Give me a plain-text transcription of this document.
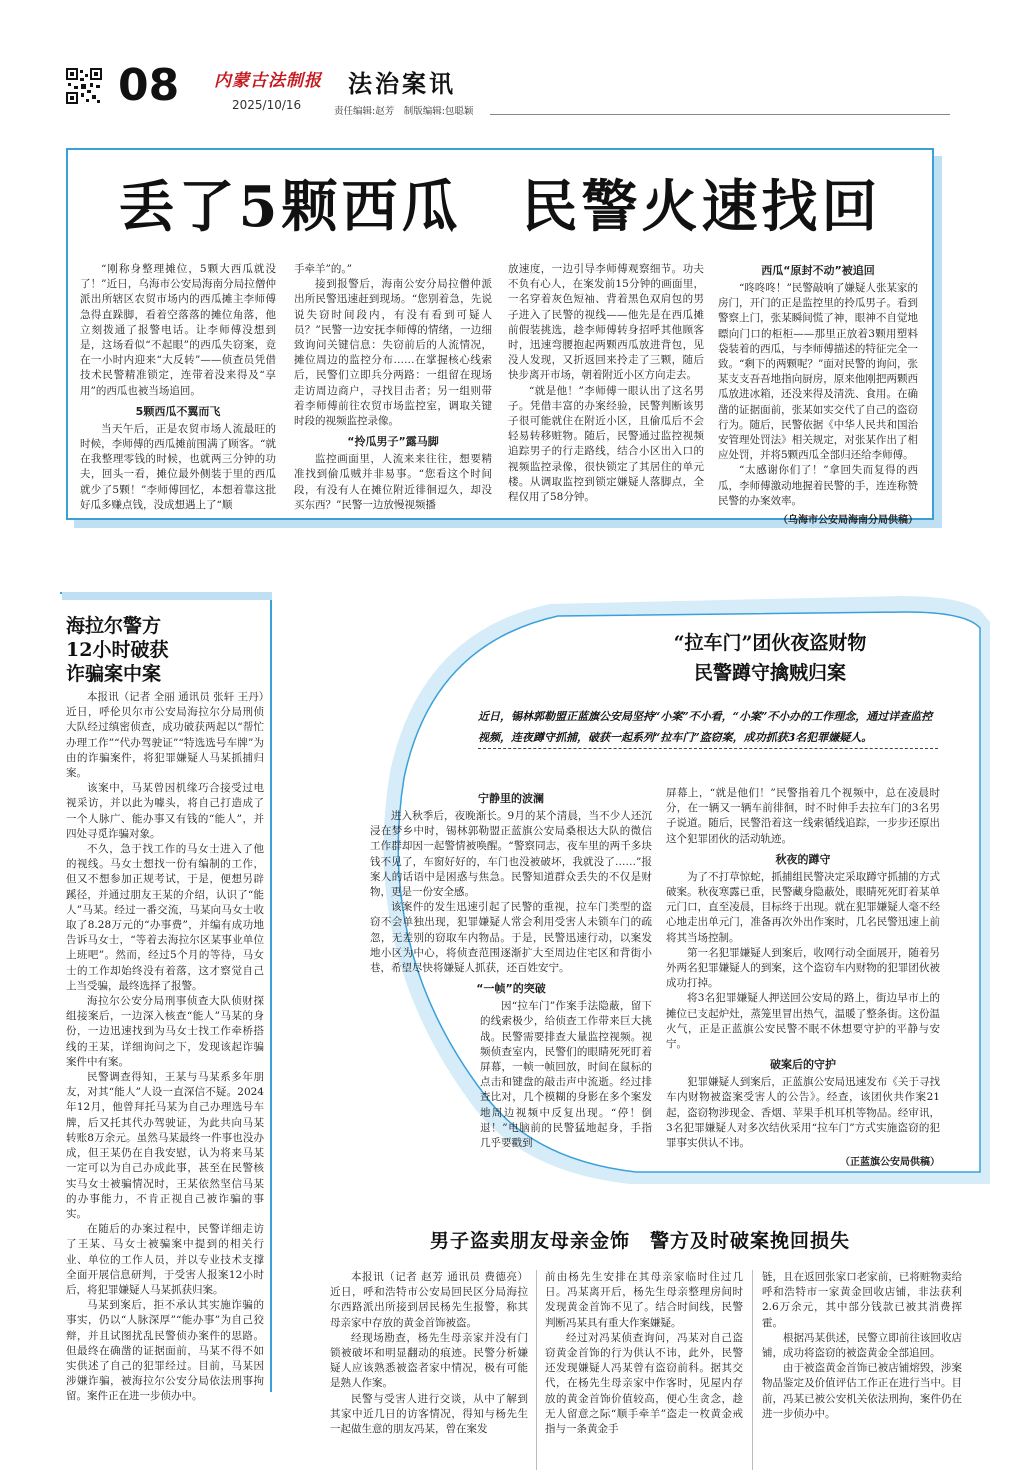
08 内蒙古法制报
2025/10/16
法治案讯
责任编辑:赵芳　制版编辑:包聪颖
丢了5颗西瓜　民警火速找回

“刚称身整理摊位，5颗大西瓜就没了！”近日，乌海市公安局海南分局拉僧仲派出所辖区农贸市场内的西瓜摊主李师傅急得直跺脚，看着空落落的摊位角落，他立刻拨通了报警电话。让李师傅没想到是，这场看似“不起眼”的西瓜失窃案，竟在一小时内迎来“大反转”——侦查员凭借技术民警精准锁定，连带着没来得及“享用”的西瓜也被当场追回。

5颗西瓜不翼而飞

当天午后，正是农贸市场人流最旺的时候，李师傅的西瓜摊前围满了顾客。“就在我整理零钱的时候，也就两三分钟的功夫，回头一看，摊位最外侧装于里的西瓜就少了5颗！”李师傅回忆，本想着靠这批好瓜多赚点钱，没成想遇上了“顺

手牵羊”的。”

接到报警后，海南公安分局拉僧仲派出所民警迅速赶到现场。“您别着急，先说说失窃时间段内，有没有看到可疑人员？”民警一边安抚李师傅的情绪，一边细致询问关键信息：失窃前后的人流情况，摊位周边的监控分布……在掌握核心线索后，民警们立即兵分两路：一组留在现场走访周边商户，寻找目击者；另一组则带着李师傅前往农贸市场监控室，调取关键时段的视频监控录像。

“拎瓜男子”露马脚

监控画面里，人流来来往往，想要精准找到偷瓜贼并非易事。“您看这个时间段，有没有人在摊位附近徘徊逗久，却没买东西？”民警一边放慢视频播

放速度，一边引导李师傅观察细节。功夫不负有心人，在案发前15分钟的画面里，一名穿着灰色短袖、背着黑色双肩包的男子进入了民警的视线——他先是在西瓜摊前假装挑选，趁李师傅转身招呼其他顾客时，迅速弯腰抱起两颗西瓜放进背包，见没人发现，又折返回来拎走了三颗，随后快步离开市场，朝着附近小区方向走去。

“就是他！”李师傅一眼认出了这名男子。凭借丰富的办案经验，民警判断该男子很可能就住在附近小区，且偷瓜后不会轻易转移赃物。随后，民警通过监控视频追踪男子的行走路线，结合小区出入口的视频监控录像，很快锁定了其居住的单元楼。从调取监控到锁定嫌疑人落脚点，全程仅用了58分钟。

西瓜“原封不动”被追回

“咚咚咚！”民警敲响了嫌疑人张某家的房门，开门的正是监控里的拎瓜男子。看到警察上门，张某瞬间慌了神，眼神不自觉地瞟向门口的柜柜——那里正放着3颗用塑料袋装着的西瓜，与李师傅描述的特征完全一致。“剩下的两颗呢？”面对民警的询问，张某支支吾吾地指向厨房，原来他刚把两颗西瓜放进冰箱，还没来得及清洗、食用。在确凿的证据面前，张某如实交代了自己的盗窃行为。随后，民警依据《中华人民共和国治安管理处罚法》相关规定，对张某作出了相应处罚，并将5颗西瓜全部归还给李师傅。

“太感谢你们了！”拿回失而复得的西瓜，李师傅激动地握着民警的手，连连称赞民警的办案效率。

（乌海市公安局海南分局供稿）
海拉尔警方
12小时破获
诈骗案中案

本报讯（记者 全丽 通讯员 张轩 王丹）近日，呼伦贝尔市公安局海拉尔分局刑侦大队经过缜密侦查，成功破获两起以“帮忙办理工作”“代办驾驶证”“特选选号车牌”为由的诈骗案件，将犯罪嫌疑人马某抓捕归案。

该案中，马某曾因机缘巧合接受过电视采访，并以此为噱头，将自己打造成了一个人脉广、能办事又有钱的“能人”，并四处寻觅诈骗对象。

不久，急于找工作的马女士进入了他的视线。马女士想找一份有编制的工作，但又不想参加正规考试，于是，便想另辟蹊径，并通过朋友王某的介绍，认识了“能人”马某。经过一番交流，马某向马女士收取了8.28万元的“办事费”，并编有成功地告诉马女士，“等着去海拉尔区某事业单位上班吧”。然而，经过5个月的等待，马女士的工作却始终没有着落，这才察觉自己上当受骗，最终选择了报警。

海拉尔公安分局刑事侦查大队侦财探组接案后，一边深入核查“能人”马某的身份，一边迅速找到为马女士找工作牵桥搭线的王某，详细询问之下，发现该起诈骗案件中有案。

民警调查得知，王某与马某系多年朋友，对其“能人”人设一直深信不疑。2024年12月，他曾拜托马某为自己办理选号车牌，后又托其代办驾驶证，为此共向马某转账8万余元。虽然马某最终一件事也没办成，但王某仍在自我安慰，认为将来马某一定可以为自己办成此事，甚至在民警核实马女士被骗情况时，王某依然坚信马某的办事能力，不肯正视自己被诈骗的事实。

在随后的办案过程中，民警详细走访了王某、马女士被骗案中提到的相关行业、单位的工作人员，并以专业技术支撑全面开展信息研判，于受害人报案12小时后，将犯罪嫌疑人马某抓获归案。

马某到案后，拒不承认其实施诈骗的事实，仍以“人脉深厚”“能办事”为自己狡辩，并且试图扰乱民警侦办案件的思路。但最终在确凿的证据面前，马某不得不如实供述了自己的犯罪经过。目前，马某因涉嫌诈骗，被海拉尔公安分局依法刑事拘留。案件正在进一步侦办中。

“拉车门”团伙夜盗财物
民警蹲守擒贼归案
近日，锡林郭勒盟正蓝旗公安局坚持“小案”不小看，“小案”不小办的工作理念，通过详查监控视频，连夜蹲守抓捕，破获一起系列“拉车门”盗窃案，成功抓获3名犯罪嫌疑人。
宁静里的波澜

进入秋季后，夜晚渐长。9月的某个清晨，当不少人还沉浸在梦乡中时，锡林郭勒盟正蓝旗公安局桑根达大队的微信工作群却因一起警情被唤醒。“警察同志，夜车里的两千多块钱不见了，车窗好好的，车门也没被破坏，我就没了……”报案人的话语中是困惑与焦急。民警知道群众丢失的不仅是财物，更是一份安全感。

该案件的发生迅速引起了民警的重视，拉车门类型的盗窃不会单独出现，犯罪嫌疑人常会利用受害人未锁车门的疏忽，无差别的窃取车内物品。于是，民警迅速行动，以案发地小区为中心，将侦查范围逐渐扩大至周边住宅区和背街小巷，希望尽快将嫌疑人抓获，还百姓安宁。

“一帧”的突破

因“拉车门”作案手法隐蔽，留下的线索极少，给侦查工作带来巨大挑战。民警需要排查大量监控视频。视频侦查室内，民警们的眼睛死死盯着屏幕，一帧一帧回放，时间在鼠标的点击和键盘的敲击声中流逝。经过排查比对，几个模糊的身影在多个案发地周边视频中反复出现。“停！倒退！”电脑前的民警猛地起身，手指几乎要戳到

屏幕上，“就是他们！”民警指着几个视频中，总在凌晨时分，在一辆又一辆车前徘徊，时不时伸手去拉车门的3名男子说道。随后，民警沿着这一线索循线追踪，一步步还原出这个犯罪团伙的活动轨迹。

秋夜的蹲守

为了不打草惊蛇，抓捕组民警决定采取蹲守抓捕的方式破案。秋夜寒露已重，民警藏身隐蔽处，眼睛死死盯着某单元门口，直至凌晨，目标终于出现。就在犯罪嫌疑人毫不经心地走出单元门，准备再次外出作案时，几名民警迅速上前将其当场控制。

第一名犯罪嫌疑人到案后，收网行动全面展开，随着另外两名犯罪嫌疑人的到案，这个盗窃车内财物的犯罪团伙被成功打掉。

将3名犯罪嫌疑人押送回公安局的路上，街边早市上的摊位已支起炉灶，蒸笼里冒出热气，温暖了整条街。这份温火气，正是正蓝旗公安民警不眠不休想要守护的平静与安宁。

破案后的守护

犯罪嫌疑人到案后，正蓝旗公安局迅速发布《关于寻找车内财物被盗案受害人的公告》。经查，该团伙共作案21起，盗窃物涉现金、香烟、苹果手机耳机等物品。经审讯，3名犯罪嫌疑人对多次结伙采用“拉车门”方式实施盗窃的犯罪事实供认不讳。

（正蓝旗公安局供稿）
男子盗卖朋友母亲金饰　警方及时破案挽回损失

本报讯（记者 赵芳 通讯员 费德亮）近日，呼和浩特市公安局回民区分局海拉尔西路派出所接到居民杨先生报警，称其母亲家中存放的黄金首饰被盗。

经现场勘查，杨先生母亲家并没有门锁被破坏和明显翻动的痕迹。民警分析嫌疑人应该熟悉被盗者家中情况，极有可能是熟人作案。

民警与受害人进行交谈，从中了解到其家中近几日的访客情况，得知与杨先生一起做生意的朋友冯某，曾在案发

前由杨先生安排在其母亲家临时住过几日。冯某离开后，杨先生母亲整理房间时发现黄金首饰不见了。结合时间线，民警判断冯某具有重大作案嫌疑。

经过对冯某侦查询问，冯某对自己盗窃黄金首饰的行为供认不讳，此外，民警还发现嫌疑人冯某曾有盗窃前科。据其交代，在杨先生母亲家中作客时，见屋内存放的黄金首饰价值较高，便心生贪念，趁无人留意之际“顺手牵羊”盗走一枚黄金戒指与一条黄金手

链，且在返回张家口老家前，已将赃物卖给呼和浩特市一家黄金回收店铺，非法获利2.6万余元，其中部分钱款已被其消费挥霍。

根据冯某供述，民警立即前往该回收店铺，成功将盗窃的被盗黄金全部追回。

由于被盗黄金首饰已被店铺熔毁，涉案物品鉴定及价值评估工作正在进行当中。目前，冯某已被公安机关依法刑拘，案件仍在进一步侦办中。
